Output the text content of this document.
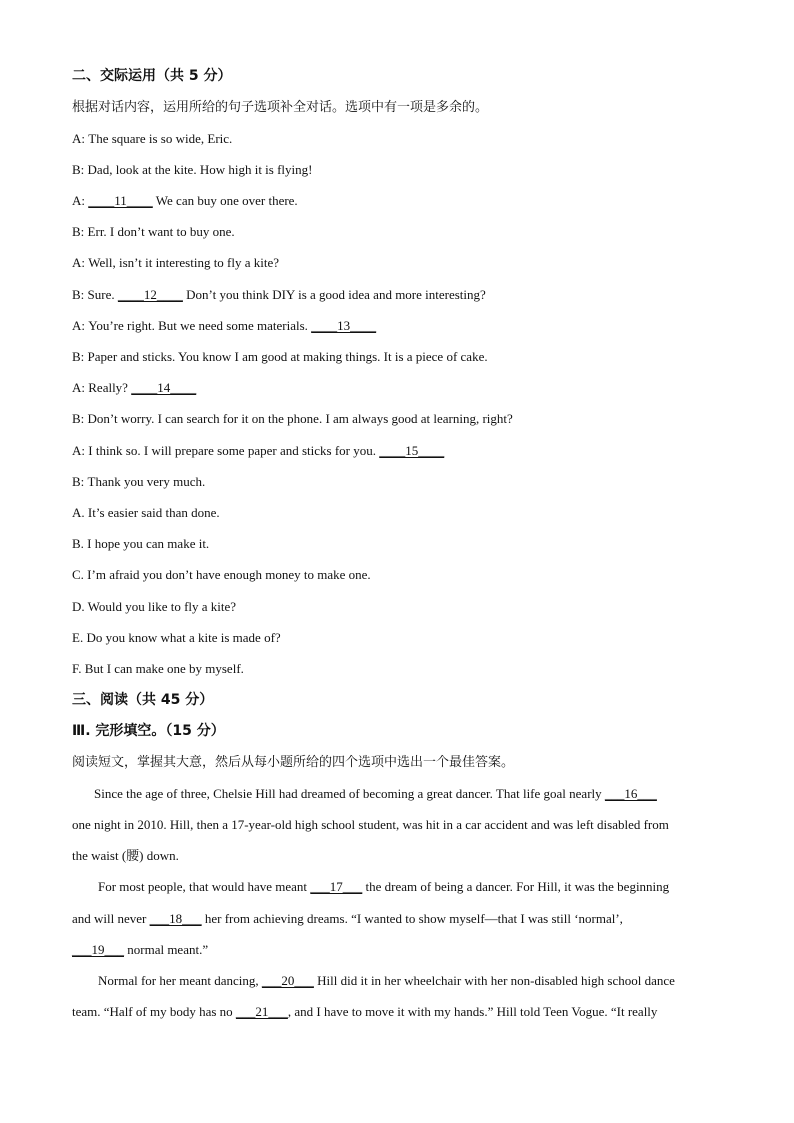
二、交际运用（共 5 分）
根据对话内容，运用所给的句子选项补全对话。选项中有一项是多余的。
A: The square is so wide, Eric.
B: Dad, look at the kite. How high it is flying!
A: ____11____ We can buy one over there.
B: Err. I don’t want to buy one.
A: Well, isn’t it interesting to fly a kite?
B: Sure. ____12____ Don’t you think DIY is a good idea and more interesting?
A: You’re right. But we need some materials. ____13____
B: Paper and sticks. You know I am good at making things. It is a piece of cake.
A: Really? ____14____
B: Don’t worry. I can search for it on the phone. I am always good at learning, right?
A: I think so. I will prepare some paper and sticks for you. ____15____
B: Thank you very much.
A. It’s easier said than done.
B. I hope you can make it.
C. I’m afraid you don’t have enough money to make one.
D. Would you like to fly a kite?
E. Do you know what a kite is made of?
F. But I can make one by myself.
三、阅读（共 45 分）
Ⅲ. 完形填空。（15 分）
阅读短文，掌握其大意，然后从每小题所给的四个选项中选出一个最佳答案。
Since the age of three, Chelsie Hill had dreamed of becoming a great dancer. That life goal nearly ___16___
one night in 2010. Hill, then a 17-year-old high school student, was hit in a car accident and was left disabled from
the waist (腰) down.
For most people, that would have meant ___17___ the dream of being a dancer. For Hill, it was the beginning
and will never ___18___ her from achieving dreams. “I wanted to show myself—that I was still ‘normal’,
___19___ normal meant.”
Normal for her meant dancing, ___20___ Hill did it in her wheelchair with her non-disabled high school dance
team. “Half of my body has no ___21___, and I have to move it with my hands.” Hill told Teen Vogue. “It really
